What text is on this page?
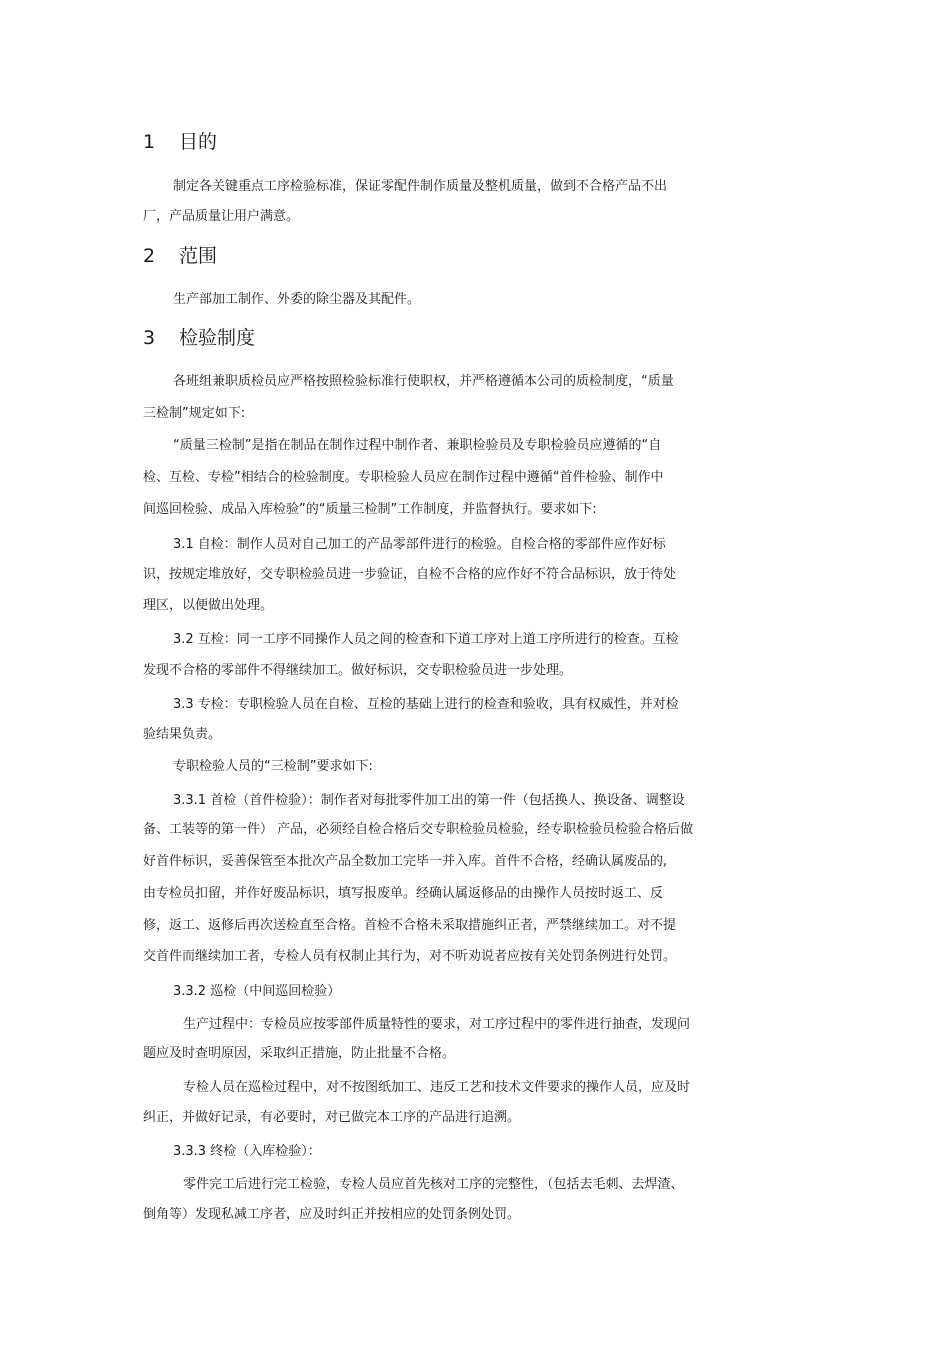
1 目的
制定各关键重点工序检验标准，保证零配件制作质量及整机质量，做到不合格产品不出
厂，产品质量让用户满意。
2 范围
生产部加工制作、外委的除尘器及其配件。
3 检验制度
各班组兼职质检员应严格按照检验标准行使职权，并严格遵循本公司的质检制度，“质量
三检制”规定如下:
“质量三检制”是指在制品在制作过程中制作者、兼职检验员及专职检验员应遵循的“自
检、互检、专检”相结合的检验制度。专职检验人员应在制作过程中遵循“首件检验、制作中
间巡回检验、成品入库检验”的“质量三检制”工作制度，并监督执行。要求如下:
3.1 自检：制作人员对自己加工的产品零部件进行的检验。自检合格的零部件应作好标
识，按规定堆放好，交专职检验员进一步验证，自检不合格的应作好不符合品标识，放于待处
理区，以便做出处理。
3.2 互检：同一工序不同操作人员之间的检查和下道工序对上道工序所进行的检查。互检
发现不合格的零部件不得继续加工。做好标识，交专职检验员进一步处理。
3.3 专检：专职检验人员在自检、互检的基础上进行的检查和验收，具有权威性，并对检
验结果负责。
专职检验人员的“三检制”要求如下:
3.3.1 首检（首件检验）：制作者对每批零件加工出的第一件（包括换人、换设备、调整设
备、工装等的第一件） 产品，必须经自检合格后交专职检验员检验，经专职检验员检验合格后做
好首件标识，妥善保管至本批次产品全数加工完毕一并入库。首件不合格，经确认属废品的,
由专检员扣留，并作好废品标识，填写报废单。经确认属返修品的由操作人员按时返工、反
修，返工、返修后再次送检直至合格。首检不合格未采取措施纠正者，严禁继续加工。对不提
交首件而继续加工者，专检人员有权制止其行为，对不听劝说者应按有关处罚条例进行处罚。
3.3.2 巡检（中间巡回检验）
生产过程中：专检员应按零部件质量特性的要求，对工序过程中的零件进行抽查，发现问
题应及时查明原因，采取纠正措施，防止批量不合格。
专检人员在巡检过程中，对不按图纸加工、违反工艺和技术文件要求的操作人员，应及时
纠正，并做好记录，有必要时，对已做完本工序的产品进行追溯。
3.3.3 终检（入库检验）：
零件完工后进行完工检验，专检人员应首先核对工序的完整性，（包括去毛刺、去焊渣、
倒角等）发现私减工序者，应及时纠正并按相应的处罚条例处罚。
